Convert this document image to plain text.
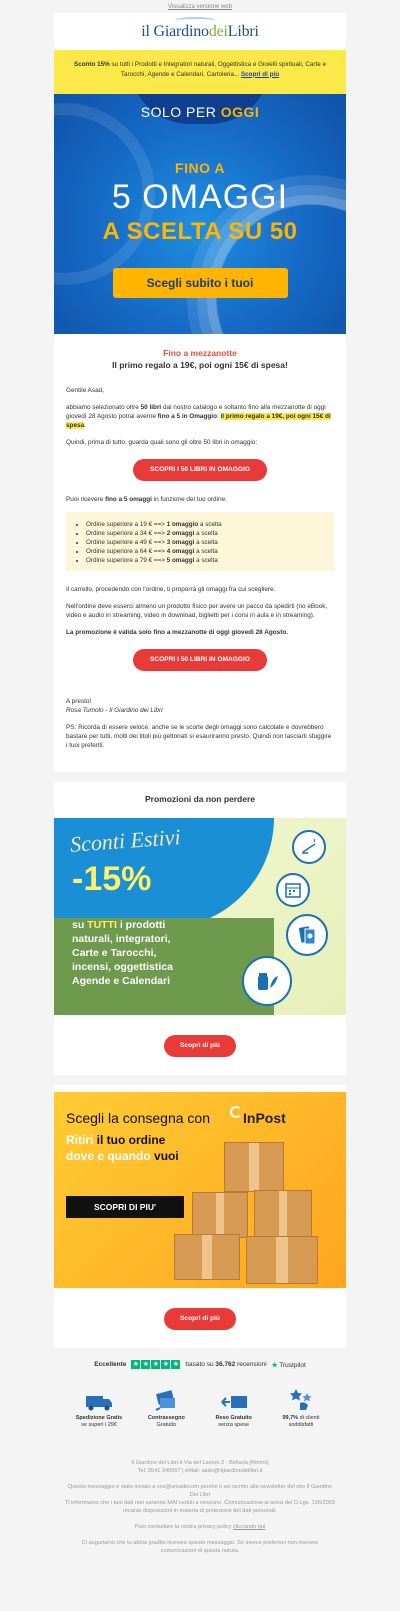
Visualizza versione web
il GiardinodeiLibri
Sconto 15% su tutti i Prodotti e Integratori naturali, Oggettistica e Gioielli spirituali, Carte e Tarocchi, Agende e Calendari, Cartoleria... Scopri di più
SOLO PER OGGI
FINO A
5 OMAGGI
A SCELTA SU 50
Scegli subito i tuoi
Fino a mezzanotte
Il primo regalo a 19€, poi ogni 15€ di spesa!

Gentile Asad,

abbiamo selezionato oltre 50 libri dal nostro catalogo e soltanto fino alla mezzanotte di oggi giovedì 28 Agosto potrai averne fino a 5 in Omaggio: il primo regalo a 19€, poi ogni 15€ di spesa.

Quindi, prima di tutto, guarda quali sono gli oltre 50 libri in omaggio:

SCOPRI I 50 LIBRI IN OMAGGIO

Puoi ricevere fino a 5 omaggi in funzione del tuo ordine:

• Ordine superiore a 19 € ==> 1 omaggio a scelta
• Ordine superiore a 34 € ==> 2 omaggi a scelta
• Ordine superiore a 49 € ==> 3 omaggi a scelta
• Ordine superiore a 64 € ==> 4 omaggi a scelta
• Ordine superiore a 79 € ==> 5 omaggi a scelta

Il carrello, procedendo con l'ordine, ti proporrà gli omaggi fra cui scegliere.

Nell'ordine deve esserci almeno un prodotto fisico per avere un pacco da spedirti (no eBook, video e audio in streaming, video in download, biglietti per i corsi in aula e in streaming).

La promozione è valida solo fino a mezzanotte di oggi giovedì 28 Agosto.

SCOPRI I 50 LIBRI IN OMAGGIO

A presto!
Rosa Tumolo - Il Giardino dei Libri

PS: Ricorda di essere veloce: anche se le scorte degli omaggi sono calcolate e dovrebbero bastare per tutti, molti dei titoli più gettonati si esauriranno presto. Quindi non lasciarti sfuggire i tuoi preferiti.

Promozioni da non perdere
Sconti Estivi
-15%
su TUTTI i prodotti
naturali, integratori,
Carte e Tarocchi,
incensi, oggettistica
Agende e Calendari
Scopri di più
Scegli la consegna con InPost
Ritiri il tuo ordine
dove e quando vuoi
SCOPRI DI PIU'
Scopri di più
Eccellente ★ ★ ★ ★ ★ basato su 36.762 recensioni ★ Trustpilot
Spedizione Gratis
se superi i 29€
Contrassegno
Gratuito
Reso Gratuito
senza spese
99,7% di clienti
soddisfatti

Il Giardino dei Libri.it Via del Lavoro 2 - Bellaria (Rimini)

Tel: 0541 340567 | eMail: aiuto@ilgiardinodeilibri.it

Questo messaggio è stato inviato a xxx@ureadecom perché ti sei iscritto alla newsletter del sito Il Giardino Dei Libri

Ti informiamo che i tuoi dati non saranno MAI ceduti a nessuno. Comunicazione ai sensi del D.Lgs. 196/2003 recante disposizioni in materia di protezione dei dati personali.

Puoi consultare la nostra privacy policy cliccando qui

Ci auguriamo che tu abbia gradito ricevere questo messaggio. Se invece preferisci non ricevere comunicazioni di questa natura,
